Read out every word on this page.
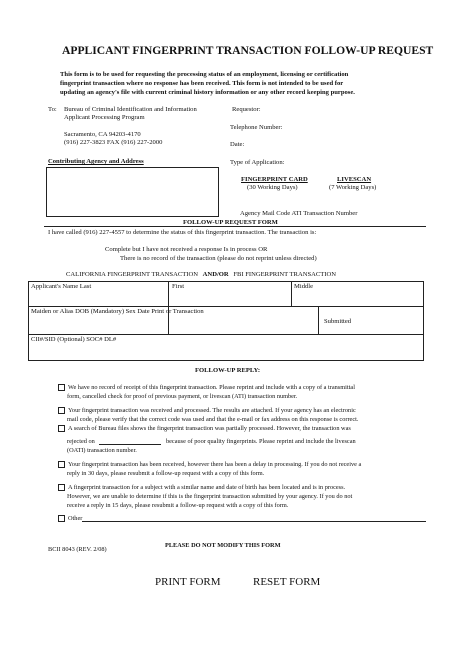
APPLICANT FINGERPRINT TRANSACTION FOLLOW-UP REQUEST
This form is to be used for requesting the processing status of an employment, licensing or certification
fingerprint transaction where no response has been received. This form is not intended to be used for
updating an agency's file with current criminal history information or any other record keeping purpose.
To: Bureau of Criminal Identification and Information
Applicant Processing Program
Sacramento, CA 94203-4170
(916) 227-3823 FAX (916) 227-2000
Requestor:
Telephone Number:
Date:
Type of Application:
Contributing Agency and Address
FINGERPRINT CARD
(30 Working Days)
LIVESCAN
(7 Working Days)
Agency Mail Code ATI Transaction Number
FOLLOW-UP REQUEST FORM
I have called (916) 227-4557 to determine the status of this fingerprint transaction. The transaction is:
Complete but I have not received a response Is in process OR
There is no record of the transaction (please do not reprint unless directed)
CALIFORNIA FINGERPRINT TRANSACTION AND/OR FBI FINGERPRINT TRANSACTION
Applicant's Name Last	First	Middle
Maiden or Alias DOB (Mandatory) Sex Date Print or Transaction
Submitted
CII#/SID (Optional) SOC# DL#
FOLLOW-UP REPLY:
We have no record of receipt of this fingerprint transaction. Please reprint and include with a copy of a transmittal
form, cancelled check for proof of previous payment, or livescan (ATI) transaction number.
Your fingerprint transaction was received and processed. The results are attached. If your agency has an electronic
mail code, please verify that the correct code was used and that the e-mail or fax address on this response is correct.
A search of Bureau files shows the fingerprint transaction was partially processed. However, the transaction was
rejected on	because of poor quality fingerprints. Please reprint and include the livescan
(OATI) transaction number.
Your fingerprint transaction has been received, however there has been a delay in processing. If you do not receive a
reply in 30 days, please resubmit a follow-up request with a copy of this form.
A fingerprint transaction for a subject with a similar name and date of birth has been located and is in process.
However, we are unable to determine if this is the fingerprint transaction submitted by your agency. If you do not
receive a reply in 15 days, please resubmit a follow-up request with a copy of this form.
Other
BCII 8043 (REV. 2/08)
PLEASE DO NOT MODIFY THIS FORM
PRINT FORM	RESET FORM
